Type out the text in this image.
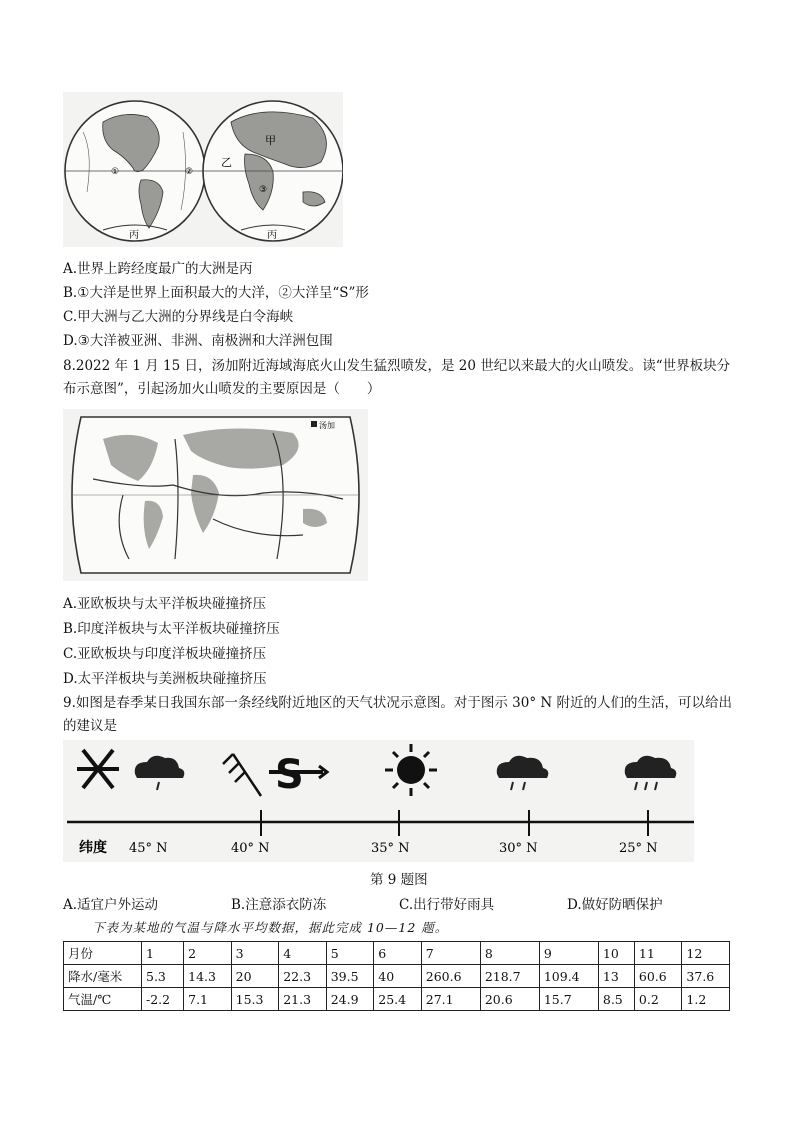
丙	丙
甲
乙
①	②
③
A.世界上跨经度最广的大洲是丙
B.①大洋是世界上面积最大的大洋，②大洋呈“S”形
C.甲大洲与乙大洲的分界线是白令海峡
D.③大洋被亚洲、非洲、南极洲和大洋洲包围
8.2022 年 1 月 15 日，汤加附近海域海底火山发生猛烈喷发，是 20 世纪以来最大的火山喷发。读“世界板块分布示意图”，引起汤加火山喷发的主要原因是（　　）
汤加
A.亚欧板块与太平洋板块碰撞挤压
B.印度洋板块与太平洋板块碰撞挤压
C.亚欧板块与印度洋板块碰撞挤压
D.太平洋板块与美洲板块碰撞挤压
9.如图是春季某日我国东部一条经线附近地区的天气状况示意图。对于图示 30° N 附近的人们的生活，可以给出的建议是
S
纬度 45° N	40° N	35° N	30° N	25° N
第 9 题图
A.适宜户外运动	B.注意添衣防冻	C.出行带好雨具	D.做好防晒保护
下表为某地的气温与降水平均数据，据此完成 10—12 题。
月份	1	2	3	4	5	6	7	8	9	10	11	12
降水/毫米	5.3	14.3	20	22.3	39.5	40	260.6	218.7	109.4	13	60.6	37.6
气温/℃	-2.2	7.1	15.3	21.3	24.9	25.4	27.1	20.6	15.7	8.5	0.2	1.2
